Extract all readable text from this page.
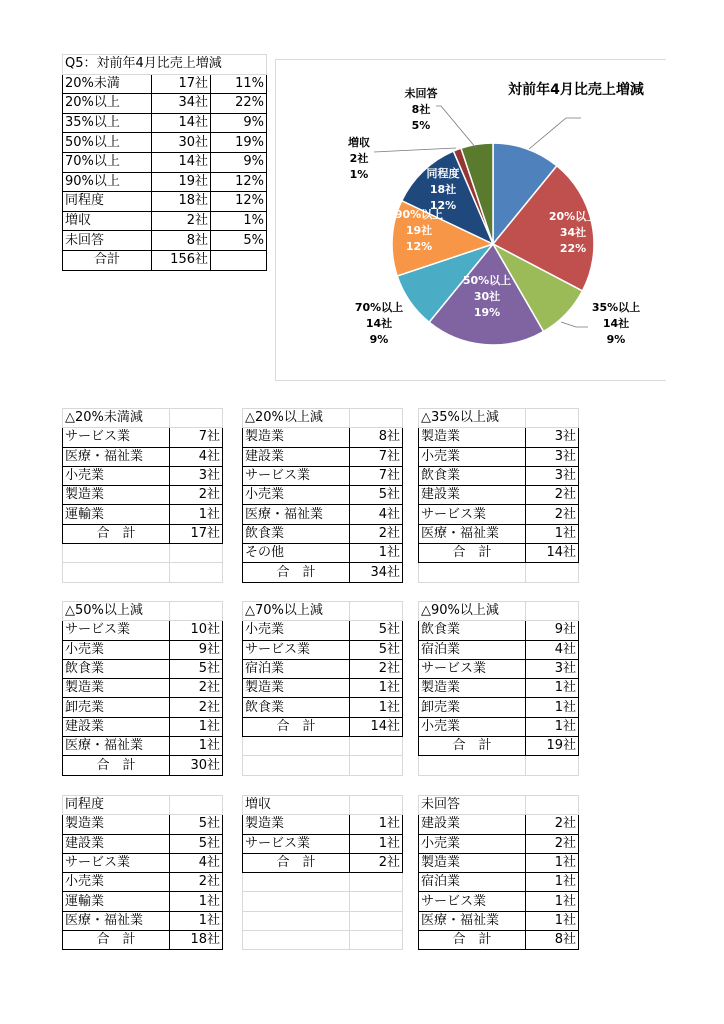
Q5：対前年4月比売上増減		
20%未満	17社	11%
20%以上	34社	22%
35%以上	14社	9%
50%以上	30社	19%
70%以上	14社	9%
90%以上	19社	12%
同程度	18社	12%
増収	2社	1%
未回答	8社	5%
合計	156社	
対前年4月比売上増減
20%以上
34社
22%
35%以上
14社
9%
50%以上
30社
19%
70%以上
14社
9%
90%以上
19社
12%
同程度
18社
12%
増収
2社
1%
未回答
8社
5%
△20%未満減	
サービス業	7社
医療・福祉業	4社
小売業	3社
製造業	2社
運輸業	1社
合　計	17社

△20%以上減	
製造業	8社
建設業	7社
サービス業	7社
小売業	5社
医療・福祉業	4社
飲食業	2社
その他	1社
合　計	34社
△35%以上減	
製造業	3社
小売業	3社
飲食業	3社
建設業	2社
サービス業	2社
医療・福祉業	1社
合　計	14社

△50%以上減	
サービス業	10社
小売業	9社
飲食業	5社
製造業	2社
卸売業	2社
建設業	1社
医療・福祉業	1社
合　計	30社
△70%以上減	
小売業	5社
サービス業	5社
宿泊業	2社
製造業	1社
飲食業	1社
合　計	14社

△90%以上減	
飲食業	9社
宿泊業	4社
サービス業	3社
製造業	1社
卸売業	1社
小売業	1社
合　計	19社

同程度	
製造業	5社
建設業	5社
サービス業	4社
小売業	2社
運輸業	1社
医療・福祉業	1社
合　計	18社
増収	
製造業	1社
サービス業	1社
合　計	2社

未回答	
建設業	2社
小売業	2社
製造業	1社
宿泊業	1社
サービス業	1社
医療・福祉業	1社
合　計	8社
